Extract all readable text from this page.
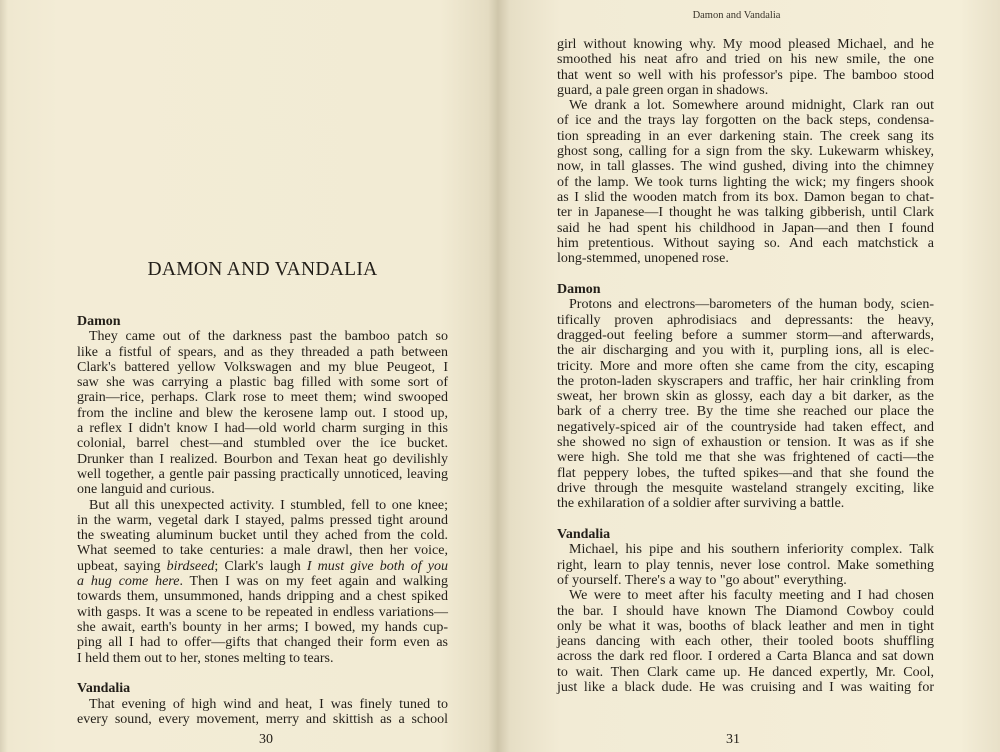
DAMON AND VANDALIA
Damon
They came out of the darkness past the bamboo patch so
like a fistful of spears, and as they threaded a path between
Clark's battered yellow Volkswagen and my blue Peugeot, I
saw she was carrying a plastic bag filled with some sort of
grain—rice, perhaps. Clark rose to meet them; wind swooped
from the incline and blew the kerosene lamp out. I stood up,
a reflex I didn't know I had—old world charm surging in this
colonial, barrel chest—and stumbled over the ice bucket.
Drunker than I realized. Bourbon and Texan heat go devilishly
well together, a gentle pair passing practically unnoticed, leaving
one languid and curious.
But all this unexpected activity. I stumbled, fell to one knee;
in the warm, vegetal dark I stayed, palms pressed tight around
the sweating aluminum bucket until they ached from the cold.
What seemed to take centuries: a male drawl, then her voice,
upbeat, saying birdseed; Clark's laugh I must give both of you
a hug come here. Then I was on my feet again and walking
towards them, unsummoned, hands dripping and a chest spiked
with gasps. It was a scene to be repeated in endless variations—
she await, earth's bounty in her arms; I bowed, my hands cup-
ping all I had to offer—gifts that changed their form even as
I held them out to her, stones melting to tears.
Vandalia
That evening of high wind and heat, I was finely tuned to
every sound, every movement, merry and skittish as a school
30
Damon and Vandalia
girl without knowing why. My mood pleased Michael, and he
smoothed his neat afro and tried on his new smile, the one
that went so well with his professor's pipe. The bamboo stood
guard, a pale green organ in shadows.
We drank a lot. Somewhere around midnight, Clark ran out
of ice and the trays lay forgotten on the back steps, condensa-
tion spreading in an ever darkening stain. The creek sang its
ghost song, calling for a sign from the sky. Lukewarm whiskey,
now, in tall glasses. The wind gushed, diving into the chimney
of the lamp. We took turns lighting the wick; my fingers shook
as I slid the wooden match from its box. Damon began to chat-
ter in Japanese—I thought he was talking gibberish, until Clark
said he had spent his childhood in Japan—and then I found
him pretentious. Without saying so. And each matchstick a
long-stemmed, unopened rose.
Damon
Protons and electrons—barometers of the human body, scien-
tifically proven aphrodisiacs and depressants: the heavy,
dragged-out feeling before a summer storm—and afterwards,
the air discharging and you with it, purpling ions, all is elec-
tricity. More and more often she came from the city, escaping
the proton-laden skyscrapers and traffic, her hair crinkling from
sweat, her brown skin as glossy, each day a bit darker, as the
bark of a cherry tree. By the time she reached our place the
negatively-spiced air of the countryside had taken effect, and
she showed no sign of exhaustion or tension. It was as if she
were high. She told me that she was frightened of cacti—the
flat peppery lobes, the tufted spikes—and that she found the
drive through the mesquite wasteland strangely exciting, like
the exhilaration of a soldier after surviving a battle.
Vandalia
Michael, his pipe and his southern inferiority complex. Talk
right, learn to play tennis, never lose control. Make something
of yourself. There's a way to "go about" everything.
We were to meet after his faculty meeting and I had chosen
the bar. I should have known The Diamond Cowboy could
only be what it was, booths of black leather and men in tight
jeans dancing with each other, their tooled boots shuffling
across the dark red floor. I ordered a Carta Blanca and sat down
to wait. Then Clark came up. He danced expertly, Mr. Cool,
just like a black dude. He was cruising and I was waiting for
31
